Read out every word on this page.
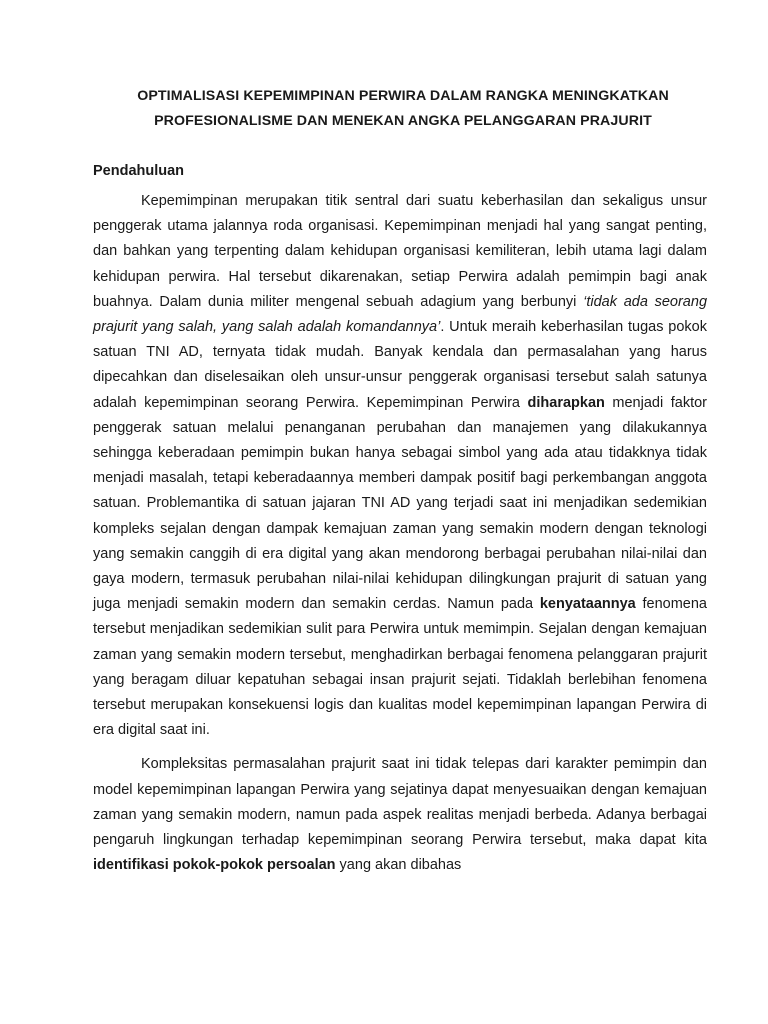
OPTIMALISASI KEPEMIMPINAN PERWIRA DALAM RANGKA MENINGKATKAN
PROFESIONALISME DAN MENEKAN ANGKA PELANGGARAN PRAJURIT
Pendahuluan

Kepemimpinan merupakan titik sentral dari suatu keberhasilan dan sekaligus unsur penggerak utama jalannya roda organisasi. Kepemimpinan menjadi hal yang sangat penting, dan bahkan yang terpenting dalam kehidupan organisasi kemiliteran, lebih utama lagi dalam kehidupan perwira. Hal tersebut dikarenakan, setiap Perwira adalah pemimpin bagi anak buahnya. Dalam dunia militer mengenal sebuah adagium yang berbunyi ‘tidak ada seorang prajurit yang salah, yang salah adalah komandannya’. Untuk meraih keberhasilan tugas pokok satuan TNI AD, ternyata tidak mudah. Banyak kendala dan permasalahan yang harus dipecahkan dan diselesaikan oleh unsur-unsur penggerak organisasi tersebut salah satunya adalah kepemimpinan seorang Perwira. Kepemimpinan Perwira diharapkan menjadi faktor penggerak satuan melalui penanganan perubahan dan manajemen yang dilakukannya sehingga keberadaan pemimpin bukan hanya sebagai simbol yang ada atau tidakknya tidak menjadi masalah, tetapi keberadaannya memberi dampak positif bagi perkembangan anggota satuan. Problemantika di satuan jajaran TNI AD yang terjadi saat ini menjadikan sedemikian kompleks sejalan dengan dampak kemajuan zaman yang semakin modern dengan teknologi yang semakin canggih di era digital yang akan mendorong berbagai perubahan nilai-nilai dan gaya modern, termasuk perubahan nilai-nilai kehidupan dilingkungan prajurit di satuan yang juga menjadi semakin modern dan semakin cerdas. Namun pada kenyataannya fenomena tersebut menjadikan sedemikian sulit para Perwira untuk memimpin. Sejalan dengan kemajuan zaman yang semakin modern tersebut, menghadirkan berbagai fenomena pelanggaran prajurit yang beragam diluar kepatuhan sebagai insan prajurit sejati. Tidaklah berlebihan fenomena tersebut merupakan konsekuensi logis dan kualitas model kepemimpinan lapangan Perwira di era digital saat ini.

Kompleksitas permasalahan prajurit saat ini tidak telepas dari karakter pemimpin dan model kepemimpinan lapangan Perwira yang sejatinya dapat menyesuaikan dengan kemajuan zaman yang semakin modern, namun pada aspek realitas menjadi berbeda. Adanya berbagai pengaruh lingkungan terhadap kepemimpinan seorang Perwira tersebut, maka dapat kita identifikasi pokok-pokok persoalan yang akan dibahas
